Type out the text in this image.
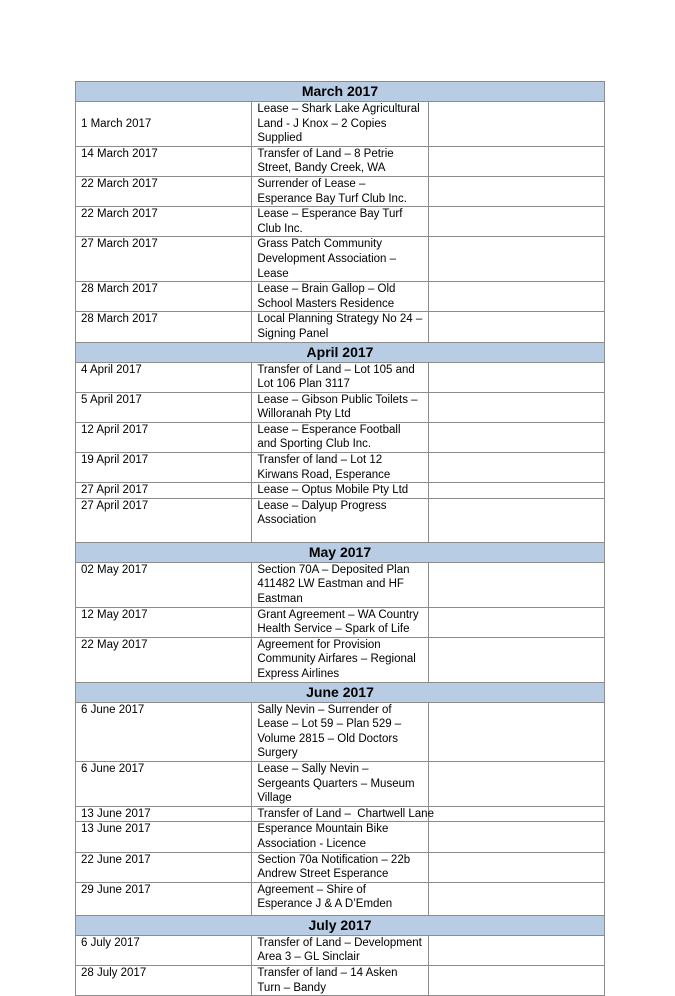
March 2017		
1 March 2017	Lease – Shark Lake Agricultural Land - J Knox – 2 Copies Supplied	
14 March 2017	Transfer of Land – 8 Petrie Street, Bandy Creek, WA	
22 March 2017	Surrender of Lease – Esperance Bay Turf Club Inc.	
22 March 2017	Lease – Esperance Bay Turf Club Inc.	
27 March 2017	Grass Patch Community Development Association – Lease	
28 March 2017	Lease – Brain Gallop – Old School Masters Residence	
28 March 2017	Local Planning Strategy No 24 – Signing Panel	
April 2017		
4 April 2017	Transfer of Land – Lot 105 and Lot 106 Plan 3117	
5 April 2017	Lease – Gibson Public Toilets – Willoranah Pty Ltd	
12 April 2017	Lease – Esperance Football and Sporting Club Inc.	
19 April 2017	Transfer of land – Lot 12 Kirwans Road, Esperance	
27 April 2017	Lease – Optus Mobile Pty Ltd	
27 April 2017	Lease – Dalyup Progress Association	
May 2017		
02 May 2017	Section 70A – Deposited Plan 411482 LW Eastman and HF Eastman	
12 May 2017	Grant Agreement – WA Country Health Service – Spark of Life	
22 May 2017	Agreement for Provision Community Airfares – Regional Express Airlines	
June 2017		
6 June 2017	Sally Nevin – Surrender of Lease – Lot 59 – Plan 529 – Volume 2815 – Old Doctors Surgery	
6 June 2017	Lease – Sally Nevin – Sergeants Quarters – Museum Village	
13 June 2017	Transfer of Land –  Chartwell Lane	
13 June 2017	Esperance Mountain Bike Association - Licence	
22 June 2017	Section 70a Notification – 22b Andrew Street Esperance	
29 June 2017	Agreement – Shire of Esperance J & A D’Emden	
July 2017		
6 July 2017	Transfer of Land – Development Area 3 – GL Sinclair	
28 July 2017	Transfer of land – 14 Asken Turn – Bandy	
